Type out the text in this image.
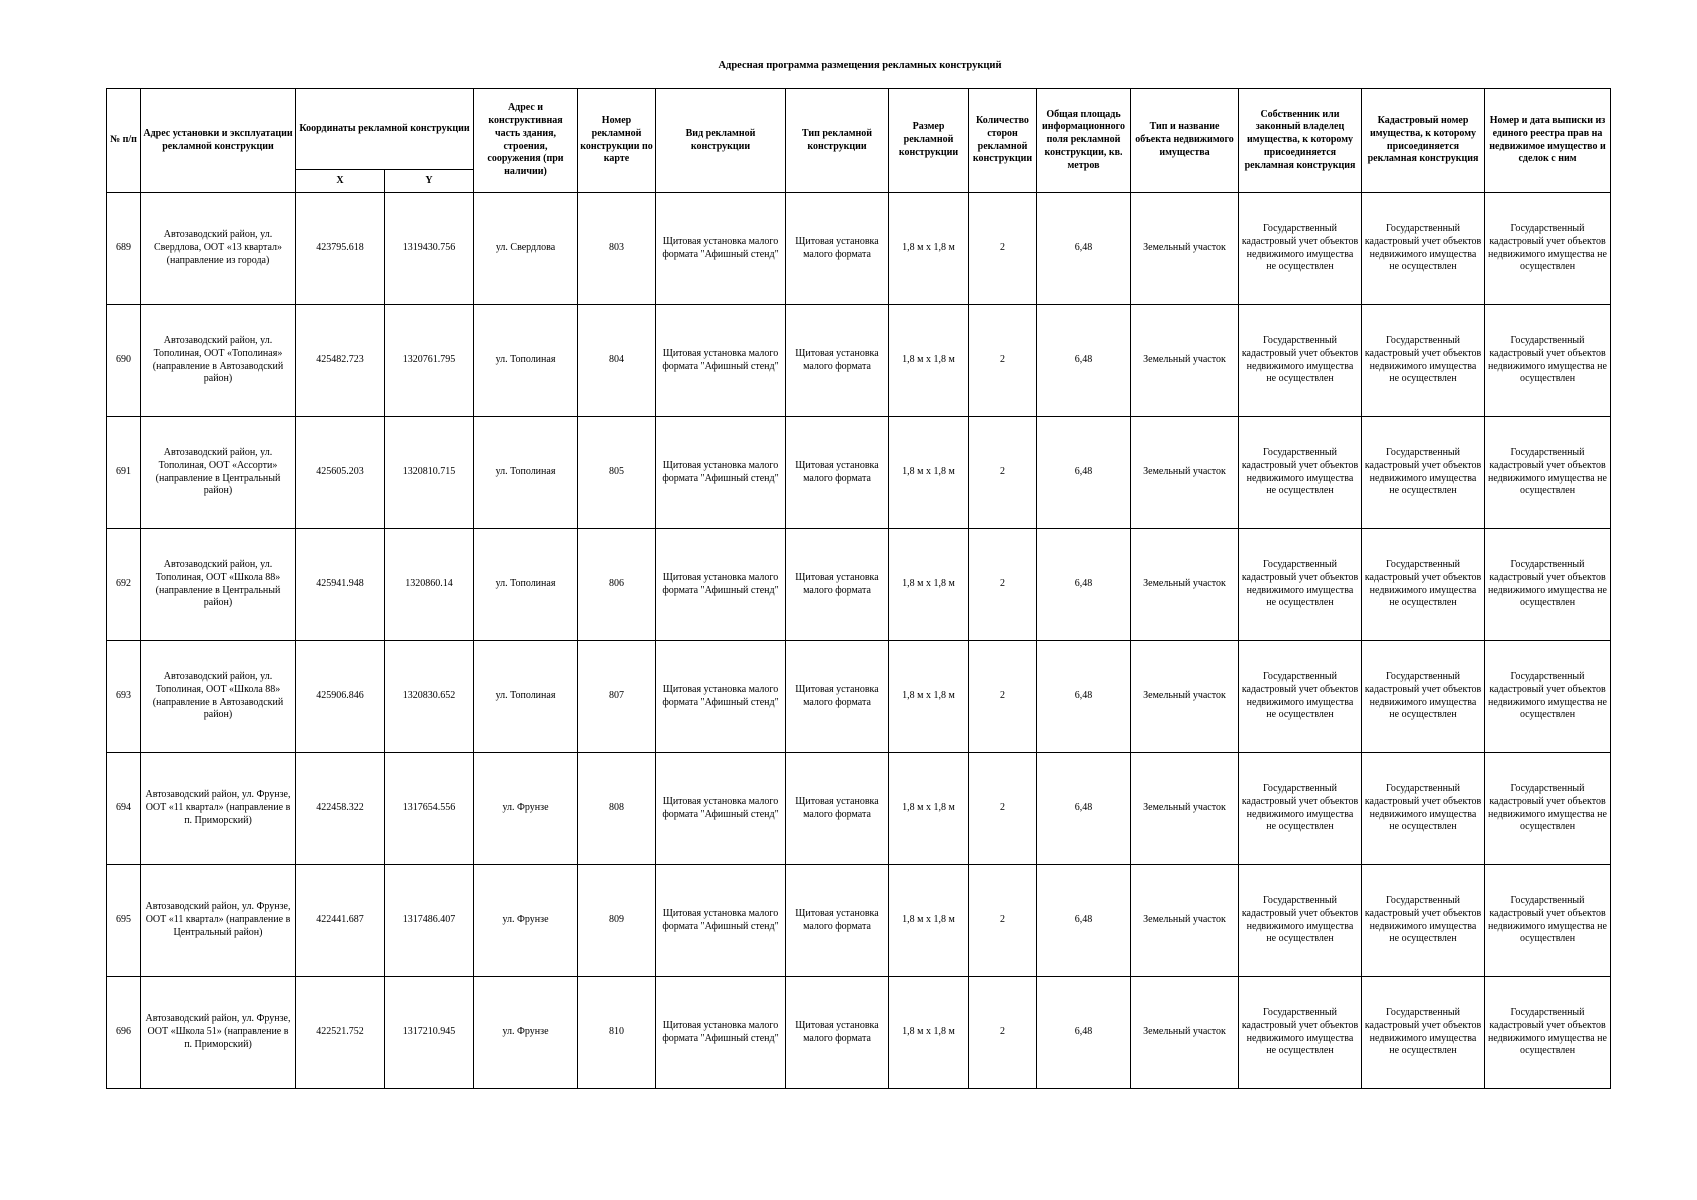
Адресная программа размещения рекламных конструкций
№ п/п	Адрес установки и эксплуатации рекламной конструкции	Координаты рекламной конструкции		Адрес и конструктивная часть здания, строения, сооружения (при наличии)	Номер рекламной конструкции по карте	Вид рекламной конструкции	Тип рекламной конструкции	Размер рекламной конструкции	Количество сторон рекламной конструкции	Общая площадь информационного поля рекламной конструкции, кв. метров	Тип и название объекта недвижимого имущества	Собственник или законный владелец имущества, к которому присоединяется рекламная конструкция	Кадастровый номер имущества, к которому присоединяется рекламная конструкция	Номер и дата выписки из единого реестра прав на недвижимое имущество и сделок с ним
		X	Y											
689	Автозаводский район, ул. Свердлова, ООТ «13 квартал» (направление из города)	423795.618	1319430.756	ул. Свердлова	803	Щитовая установка малого формата "Афишный стенд"	Щитовая установка малого формата	1,8 м x 1,8 м	2	6,48	Земельный участок	Государственный кадастровый учет объектов недвижимого имущества не осуществлен	Государственный кадастровый учет объектов недвижимого имущества не осуществлен	Государственный кадастровый учет объектов недвижимого имущества не осуществлен
690	Автозаводский район, ул. Тополиная, ООТ «Тополиная» (направление в Автозаводский район)	425482.723	1320761.795	ул. Тополиная	804	Щитовая установка малого формата "Афишный стенд"	Щитовая установка малого формата	1,8 м x 1,8 м	2	6,48	Земельный участок	Государственный кадастровый учет объектов недвижимого имущества не осуществлен	Государственный кадастровый учет объектов недвижимого имущества не осуществлен	Государственный кадастровый учет объектов недвижимого имущества не осуществлен
691	Автозаводский район, ул. Тополиная, ООТ «Ассорти» (направление в Центральный район)	425605.203	1320810.715	ул. Тополиная	805	Щитовая установка малого формата "Афишный стенд"	Щитовая установка малого формата	1,8 м x 1,8 м	2	6,48	Земельный участок	Государственный кадастровый учет объектов недвижимого имущества не осуществлен	Государственный кадастровый учет объектов недвижимого имущества не осуществлен	Государственный кадастровый учет объектов недвижимого имущества не осуществлен
692	Автозаводский район, ул. Тополиная, ООТ «Школа 88» (направление в Центральный район)	425941.948	1320860.14	ул. Тополиная	806	Щитовая установка малого формата "Афишный стенд"	Щитовая установка малого формата	1,8 м x 1,8 м	2	6,48	Земельный участок	Государственный кадастровый учет объектов недвижимого имущества не осуществлен	Государственный кадастровый учет объектов недвижимого имущества не осуществлен	Государственный кадастровый учет объектов недвижимого имущества не осуществлен
693	Автозаводский район, ул. Тополиная, ООТ «Школа 88» (направление в Автозаводский район)	425906.846	1320830.652	ул. Тополиная	807	Щитовая установка малого формата "Афишный стенд"	Щитовая установка малого формата	1,8 м x 1,8 м	2	6,48	Земельный участок	Государственный кадастровый учет объектов недвижимого имущества не осуществлен	Государственный кадастровый учет объектов недвижимого имущества не осуществлен	Государственный кадастровый учет объектов недвижимого имущества не осуществлен
694	Автозаводский район, ул. Фрунзе, ООТ «11 квартал» (направление в п. Приморский)	422458.322	1317654.556	ул. Фрунзе	808	Щитовая установка малого формата "Афишный стенд"	Щитовая установка малого формата	1,8 м x 1,8 м	2	6,48	Земельный участок	Государственный кадастровый учет объектов недвижимого имущества не осуществлен	Государственный кадастровый учет объектов недвижимого имущества не осуществлен	Государственный кадастровый учет объектов недвижимого имущества не осуществлен
695	Автозаводский район, ул. Фрунзе, ООТ «11 квартал» (направление в Центральный район)	422441.687	1317486.407	ул. Фрунзе	809	Щитовая установка малого формата "Афишный стенд"	Щитовая установка малого формата	1,8 м x 1,8 м	2	6,48	Земельный участок	Государственный кадастровый учет объектов недвижимого имущества не осуществлен	Государственный кадастровый учет объектов недвижимого имущества не осуществлен	Государственный кадастровый учет объектов недвижимого имущества не осуществлен
696	Автозаводский район, ул. Фрунзе, ООТ «Школа 51» (направление в п. Приморский)	422521.752	1317210.945	ул. Фрунзе	810	Щитовая установка малого формата "Афишный стенд"	Щитовая установка малого формата	1,8 м x 1,8 м	2	6,48	Земельный участок	Государственный кадастровый учет объектов недвижимого имущества не осуществлен	Государственный кадастровый учет объектов недвижимого имущества не осуществлен	Государственный кадастровый учет объектов недвижимого имущества не осуществлен
